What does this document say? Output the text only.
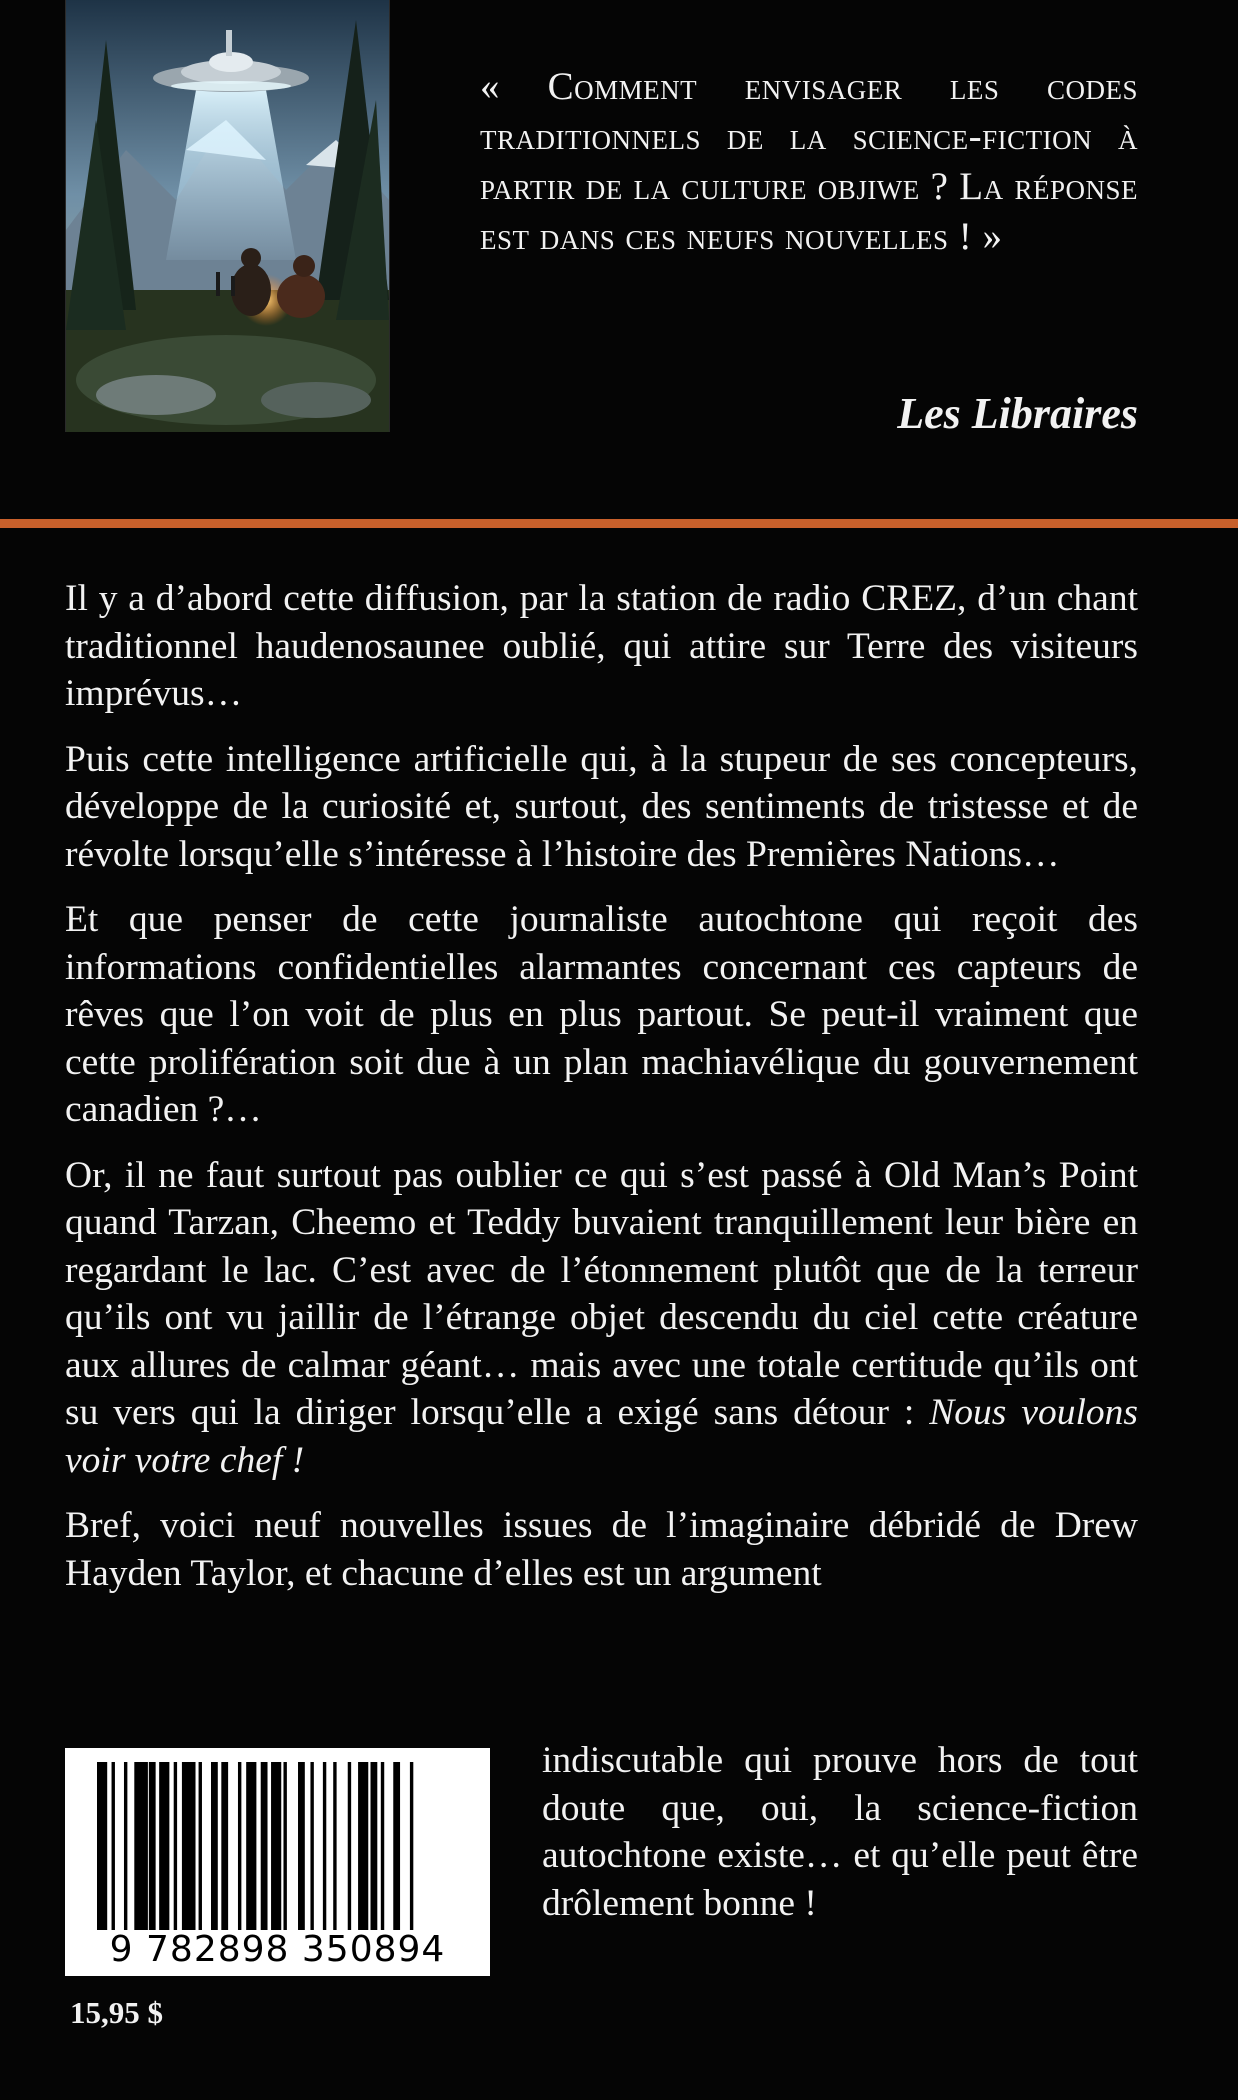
« Comment envisager les codes traditionnels de la science-fiction à partir de la culture objiwe ? La réponse est dans ces neufs nouvelles ! »
Les Libraires

Il y a d’abord cette diffusion, par la station de radio CREZ, d’un chant traditionnel haudenosaunee oublié, qui attire sur Terre des visiteurs imprévus…

Puis cette intelligence artificielle qui, à la stupeur de ses concepteurs, développe de la curiosité et, surtout, des sentiments de tristesse et de révolte lorsqu’elle s’intéresse à l’histoire des Premières Nations…

Et que penser de cette journaliste autochtone qui reçoit des informations confidentielles alarmantes concernant ces capteurs de rêves que l’on voit de plus en plus partout. Se peut-il vraiment que cette prolifération soit due à un plan machiavélique du gouvernement canadien ?…

Or, il ne faut surtout pas oublier ce qui s’est passé à Old Man’s Point quand Tarzan, Cheemo et Teddy buvaient tranquillement leur bière en regardant le lac. C’est avec de l’étonnement plutôt que de la terreur qu’ils ont vu jaillir de l’étrange objet descendu du ciel cette créature aux allures de calmar géant… mais avec une totale certitude qu’ils ont su vers qui la diriger lorsqu’elle a exigé sans détour : Nous voulons voir votre chef !

Bref, voici neuf nouvelles issues de l’imaginaire débridé de Drew Hayden Taylor, et chacune d’elles est un argument

9 782898 350894
indiscutable qui prouve hors de tout doute que, oui, la science-fiction autochtone existe… et qu’elle peut être drôlement bonne !
15,95 $
